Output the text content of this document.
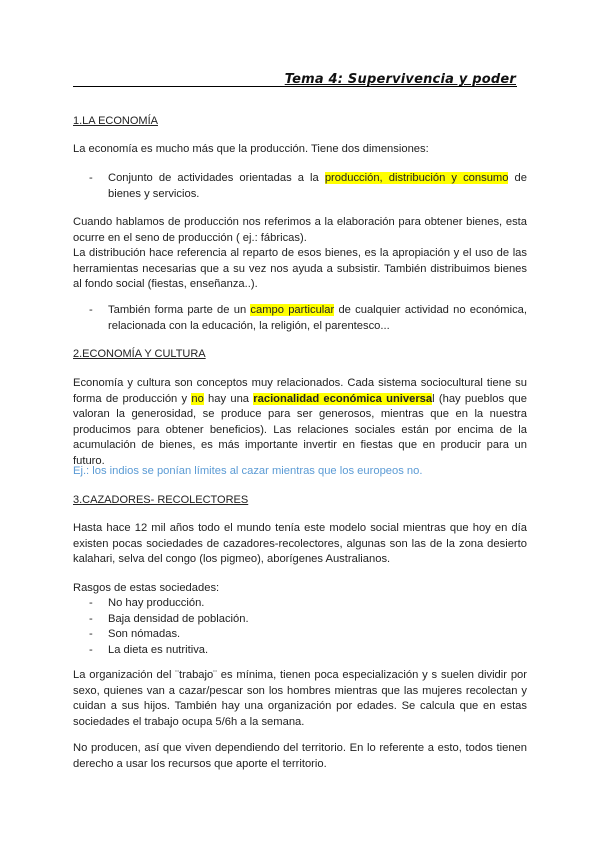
Tema 4: Supervivencia y poder

1.LA ECONOMÍA

La economía es mucho más que la producción. Tiene dos dimensiones:

- Conjunto de actividades orientadas a la producción, distribución y consumo de bienes y servicios.

Cuando hablamos de producción nos referimos a la elaboración para obtener bienes, esta ocurre en el seno de producción ( ej.: fábricas).

La distribución hace referencia al reparto de esos bienes, es la apropiación y el uso de las herramientas necesarias que a su vez nos ayuda a subsistir. También distribuimos bienes al fondo social (fiestas, enseñanza..).

- También forma parte de un campo particular de cualquier actividad no económica, relacionada con la educación, la religión, el parentesco...

2.ECONOMÍA Y CULTURA

Economía y cultura son conceptos muy relacionados. Cada sistema sociocultural tiene su forma de producción y no hay una racionalidad económica universal (hay pueblos que valoran la generosidad, se produce para ser generosos, mientras que en la nuestra producimos para obtener beneficios). Las relaciones sociales están por encima de la acumulación de bienes, es más importante invertir en fiestas que en producir para un futuro.

Ej.: los indios se ponían límites al cazar mientras que los europeos no.

3.CAZADORES- RECOLECTORES

Hasta hace 12 mil años todo el mundo tenía este modelo social mientras que hoy en día existen pocas sociedades de cazadores-recolectores, algunas son las de la zona desierto kalahari, selva del congo (los pigmeo), aborígenes Australianos.

Rasgos de estas sociedades:

- No hay producción.
- Baja densidad de población.
- Son nómadas.
- La dieta es nutritiva.

La organización del ¨trabajo¨ es mínima, tienen poca especialización y s suelen dividir por sexo, quienes van a cazar/pescar son los hombres mientras que las mujeres recolectan y cuidan a sus hijos. También hay una organización por edades. Se calcula que en estas sociedades el trabajo ocupa 5/6h a la semana.

No producen, así que viven dependiendo del territorio. En lo referente a esto, todos tienen derecho a usar los recursos que aporte el territorio.
